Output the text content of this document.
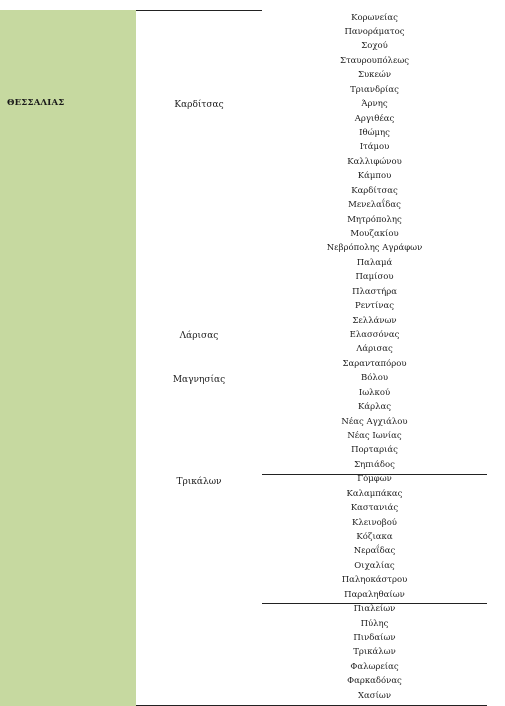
ΘΕΣΣΑΛΙΑΣ	Καρδίτσας
Λάρισας
Μαγνησίας
Τρικάλων
Κορωνείας
Πανοράματος
Σοχού
Σταυρουπόλεως
Συκεών
Τριανδρίας
Άρνης
Αργιθέας
Ιθώμης
Ιτάμου
Καλλιφώνου
Κάμπου
Καρδίτσας
Μενελαΐδας
Μητρόπολης
Μουζακίου
Νεβρόπολης Αγράφων
Παλαμά
Παμίσου
Πλαστήρα
Ρεντίνας
Σελλάνων
Ελασσόνας
Λάρισας
Σαρανταπόρου
Βόλου
Ιωλκού
Κάρλας
Νέας Αγχιάλου
Νέας Ιωνίας
Πορταριάς
Σηπιάδος
Γόμφων
Καλαμπάκας
Καστανιάς
Κλεινοβού
Κόζιακα
Νεραΐδας
Οιχαλίας
Παληοκάστρου
Παραληθαίων
Πιαλείων
Πύλης
Πινδαίων
Τρικάλων
Φαλωρείας
Φαρκαδόνας
Χασίων
